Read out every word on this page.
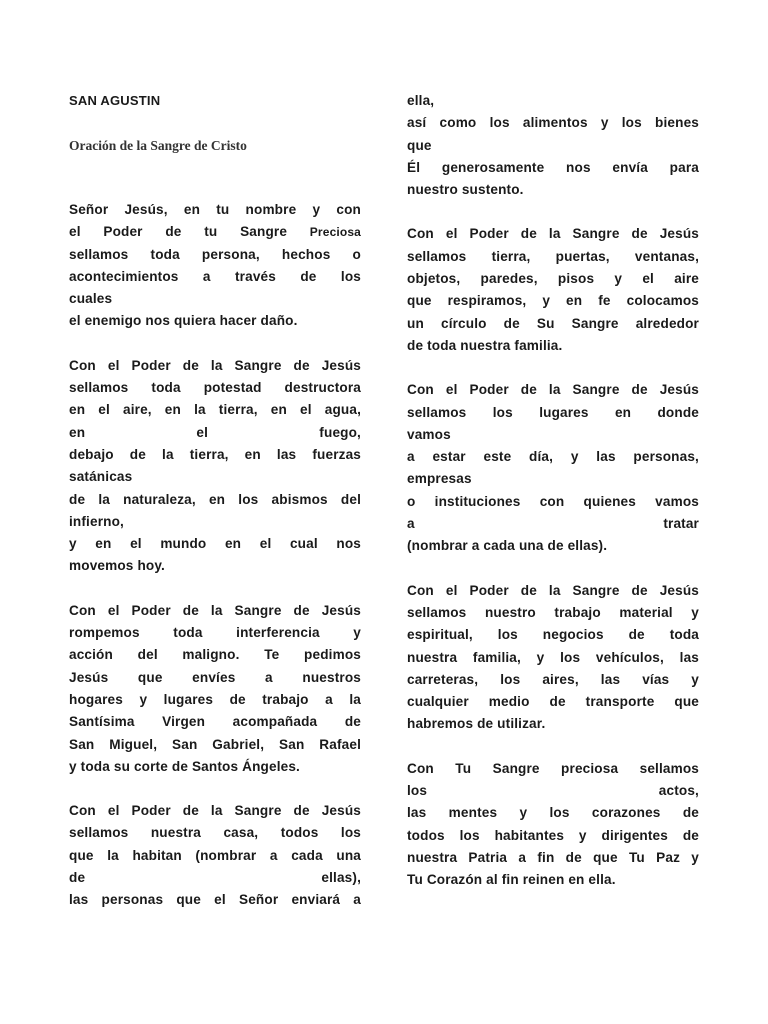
SAN AGUSTIN

Oración de la Sangre de Cristo

Señor Jesús, en tu nombre y con
el Poder de tu Sangre Preciosa
sellamos toda persona, hechos o
acontecimientos a través de los
cuales
el enemigo nos quiera hacer daño.
Con el Poder de la Sangre de Jesús
sellamos toda potestad destructora
en el aire, en la tierra, en el agua,
en el fuego,
debajo de la tierra, en las fuerzas
satánicas
de la naturaleza, en los abismos del
infierno,
y en el mundo en el cual nos
movemos hoy.
Con el Poder de la Sangre de Jesús
rompemos toda interferencia y
acción del maligno. Te pedimos
Jesús que envíes a nuestros
hogares y lugares de trabajo a la
Santísima Virgen acompañada de
San Miguel, San Gabriel, San Rafael
y toda su corte de Santos Ángeles.
Con el Poder de la Sangre de Jesús
sellamos nuestra casa, todos los
que la habitan (nombrar a cada una
de ellas),
las personas que el Señor enviará a
ella,
así como los alimentos y los bienes
que
Él generosamente nos envía para
nuestro sustento.
Con el Poder de la Sangre de Jesús
sellamos tierra, puertas, ventanas,
objetos, paredes, pisos y el aire
que respiramos, y en fe colocamos
un círculo de Su Sangre alrededor
de toda nuestra familia.
Con el Poder de la Sangre de Jesús
sellamos los lugares en donde
vamos
a estar este día, y las personas,
empresas
o instituciones con quienes vamos
a tratar
(nombrar a cada una de ellas).
Con el Poder de la Sangre de Jesús
sellamos nuestro trabajo material y
espiritual, los negocios de toda
nuestra familia, y los vehículos, las
carreteras, los aires, las vías y
cualquier medio de transporte que
habremos de utilizar.
Con Tu Sangre preciosa sellamos
los actos,
las mentes y los corazones de
todos los habitantes y dirigentes de
nuestra Patria a fin de que Tu Paz y
Tu Corazón al fin reinen en ella.
